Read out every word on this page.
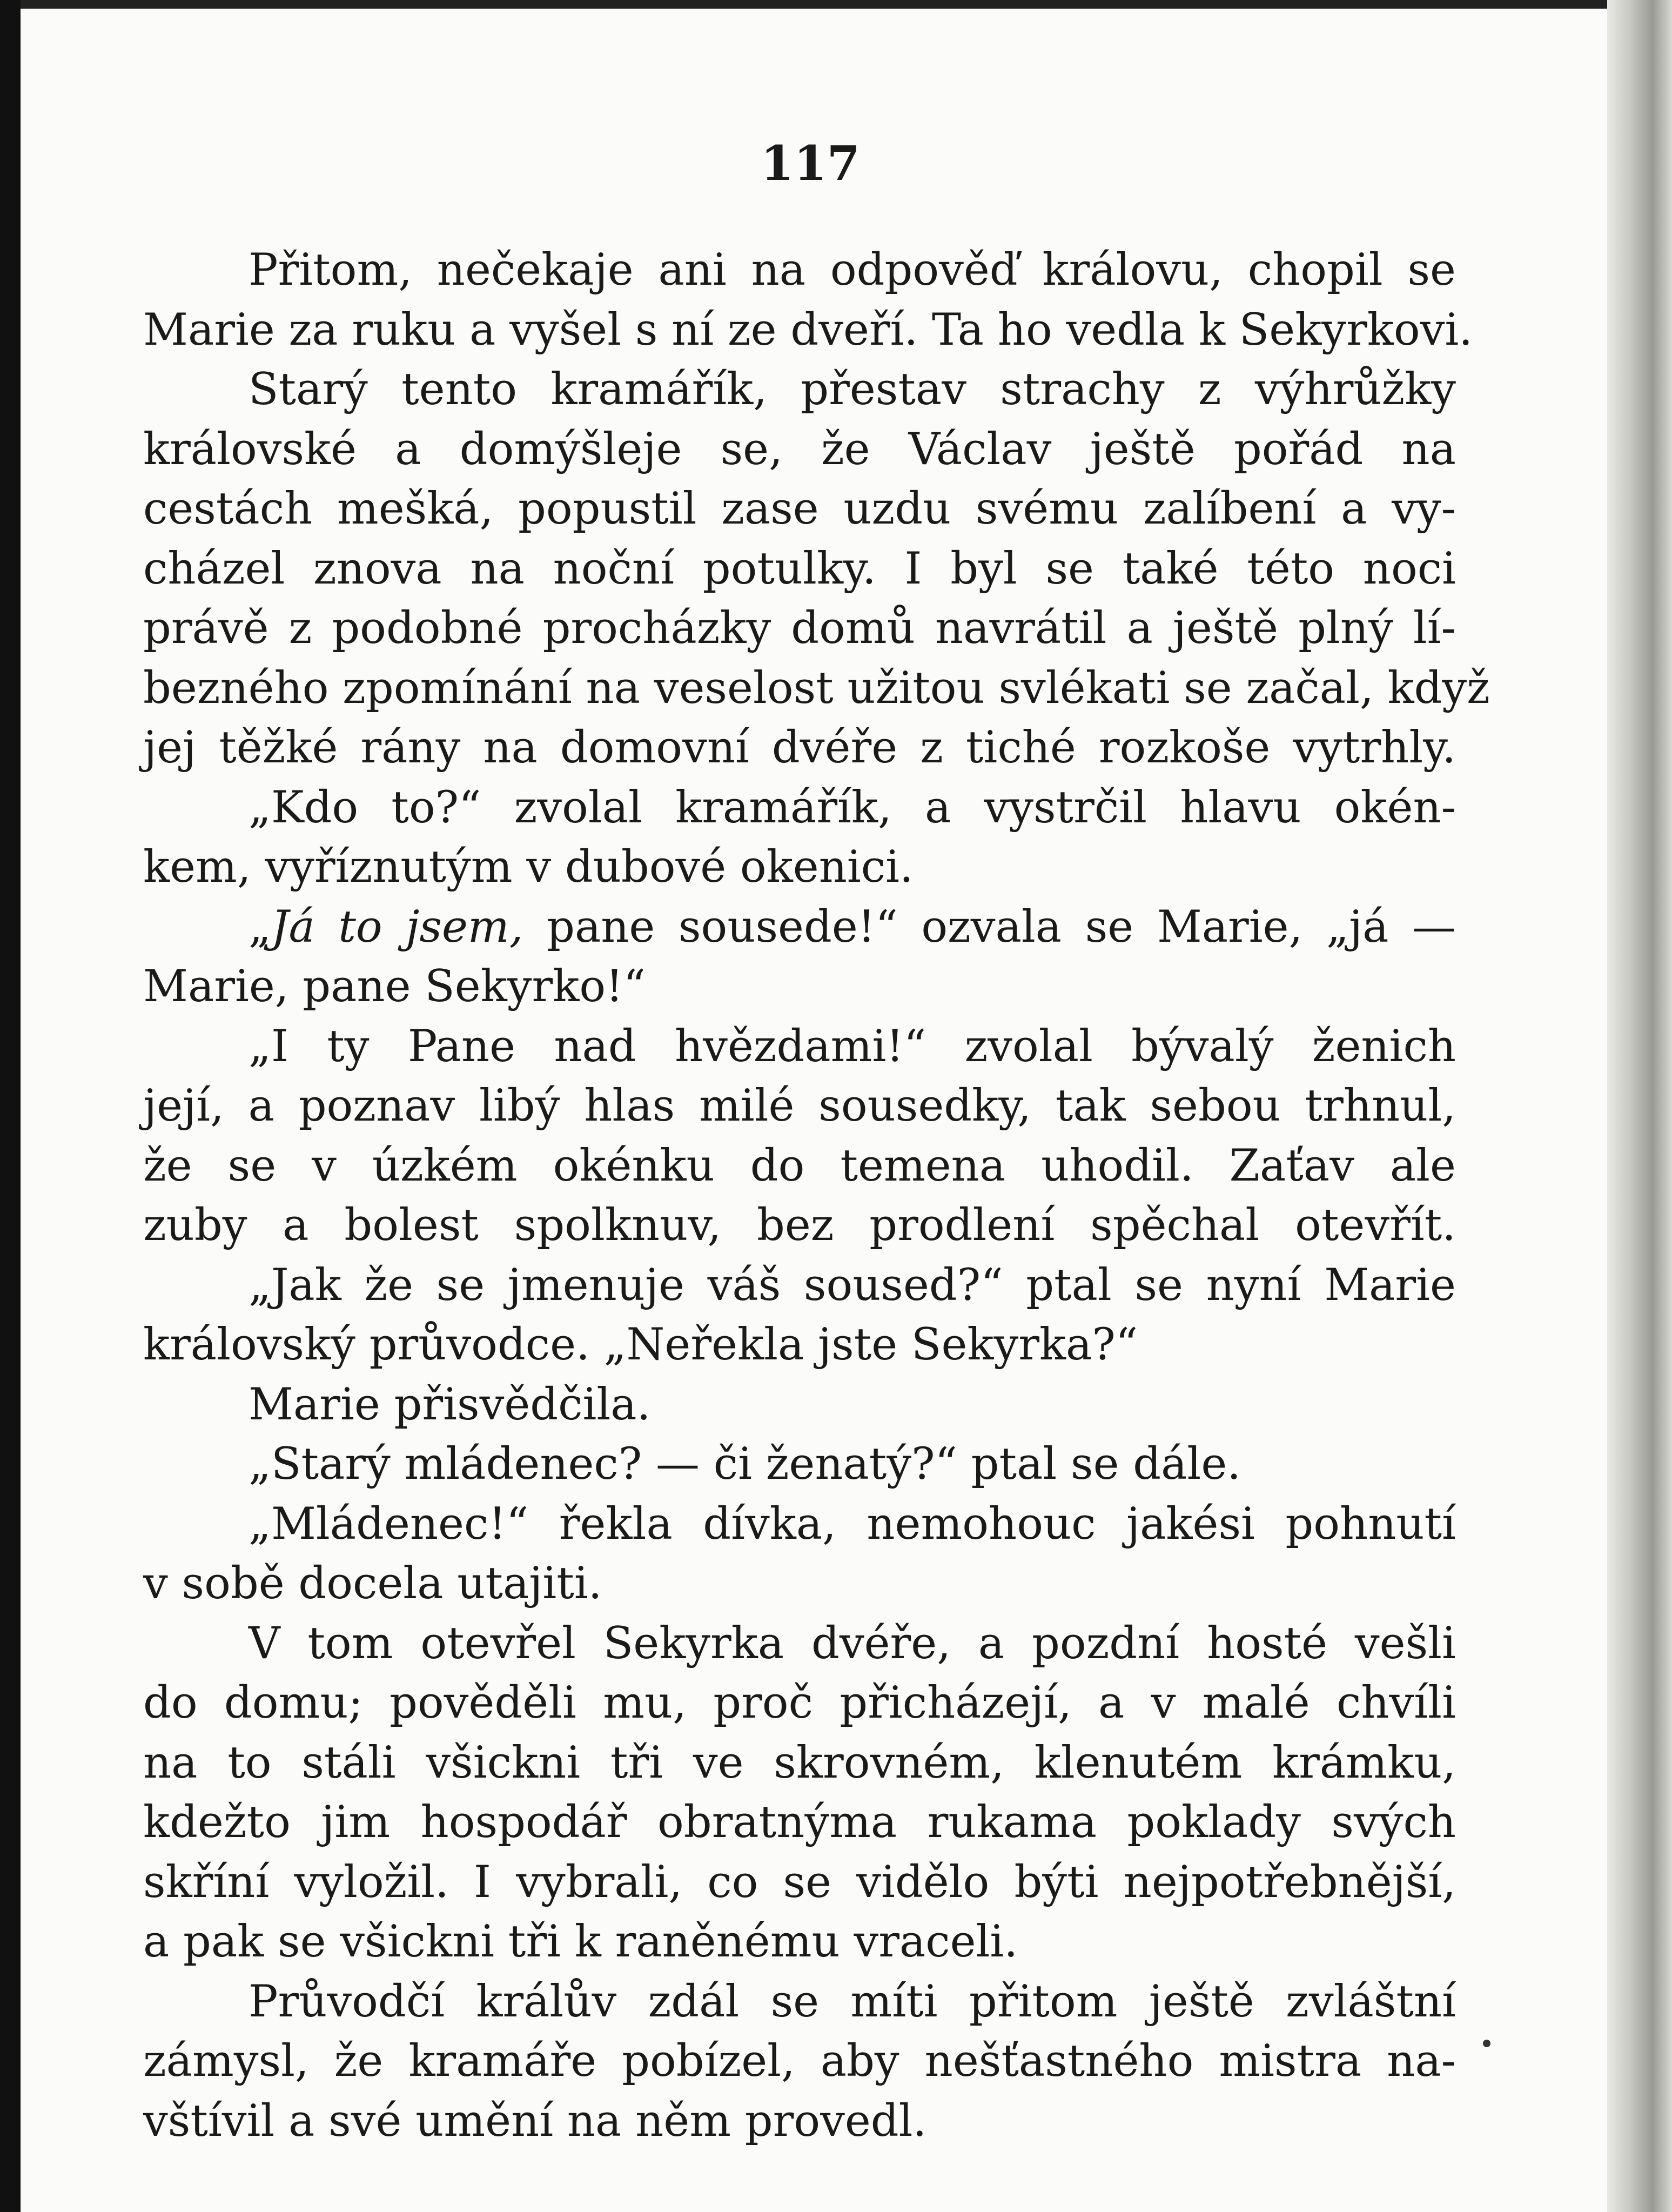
117
Přitom, nečekaje ani na odpověď královu, chopil se
Marie za ruku a vyšel s ní ze dveří. Ta ho vedla k Sekyrkovi.
Starý tento kramářík, přestav strachy z výhrůžky
královské a domýšleje se, že Václav ještě pořád na
cestách mešká, popustil zase uzdu svému zalíbení a vy-
cházel znova na noční potulky. I byl se také této noci
právě z podobné procházky domů navrátil a ještě plný lí-
bezného zpomínání na veselost užitou svlékati se začal, když
jej těžké rány na domovní dvéře z tiché rozkoše vytrhly.
„Kdo to?“ zvolal kramářík, a vystrčil hlavu okén-
kem, vyříznutým v dubové okenici.
„Já to jsem, pane sousede!“ ozvala se Marie, „já —
Marie, pane Sekyrko!“
„I ty Pane nad hvězdami!“ zvolal bývalý ženich
její, a poznav libý hlas milé sousedky, tak sebou trhnul,
že se v úzkém okénku do temena uhodil. Zaťav ale
zuby a bolest spolknuv, bez prodlení spěchal otevřít.
„Jak že se jmenuje váš soused?“ ptal se nyní Marie
královský průvodce. „Neřekla jste Sekyrka?“
Marie přisvědčila.
„Starý mládenec? — či ženatý?“ ptal se dále.
„Mládenec!“ řekla dívka, nemohouc jakési pohnutí
v sobě docela utajiti.
V tom otevřel Sekyrka dvéře, a pozdní hosté vešli
do domu; pověděli mu, proč přicházejí, a v malé chvíli
na to stáli všickni tři ve skrovném, klenutém krámku,
kdežto jim hospodář obratnýma rukama poklady svých
skříní vyložil. I vybrali, co se vidělo býti nejpotřebnější,
a pak se všickni tři k raněnému vraceli.
Průvodčí králův zdál se míti přitom ještě zvláštní
zámysl, že kramáře pobízel, aby nešťastného mistra na-
vštívil a své umění na něm provedl.
